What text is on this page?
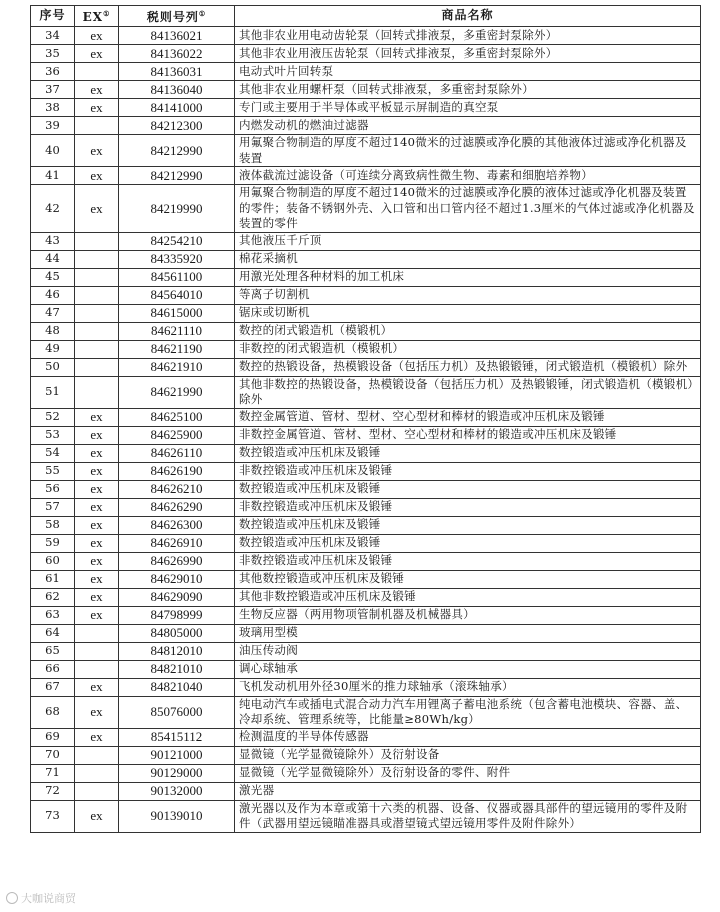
序号	EX①	税则号列①	商品名称
34	ex	84136021	其他非农业用电动齿轮泵（回转式排液泵，多重密封泵除外）
35	ex	84136022	其他非农业用液压齿轮泵（回转式排液泵，多重密封泵除外）
36		84136031	电动式叶片回转泵
37	ex	84136040	其他非农业用螺杆泵（回转式排液泵，多重密封泵除外）
38	ex	84141000	专门或主要用于半导体或平板显示屏制造的真空泵
39		84212300	内燃发动机的燃油过滤器
40	ex	84212990	用氟聚合物制造的厚度不超过140微米的过滤膜或净化膜的其他液体过滤或净化机器及装置
41	ex	84212990	液体截流过滤设备（可连续分离致病性微生物、毒素和细胞培养物）
42	ex	84219990	用氟聚合物制造的厚度不超过140微米的过滤膜或净化膜的液体过滤或净化机器及装置的零件；装备不锈钢外壳、入口管和出口管内径不超过1.3厘米的气体过滤或净化机器及装置的零件
43		84254210	其他液压千斤顶
44		84335920	棉花采摘机
45		84561100	用激光处理各种材料的加工机床
46		84564010	等离子切割机
47		84615000	锯床或切断机
48		84621110	数控的闭式锻造机（模锻机）
49		84621190	非数控的闭式锻造机（模锻机）
50		84621910	数控的热锻设备，热模锻设备（包括压力机）及热锻锻锤，闭式锻造机（模锻机）除外
51		84621990	其他非数控的热锻设备，热模锻设备（包括压力机）及热锻锻锤，闭式锻造机（模锻机）除外
52	ex	84625100	数控金属管道、管材、型材、空心型材和棒材的锻造或冲压机床及锻锤
53	ex	84625900	非数控金属管道、管材、型材、空心型材和棒材的锻造或冲压机床及锻锤
54	ex	84626110	数控锻造或冲压机床及锻锤
55	ex	84626190	非数控锻造或冲压机床及锻锤
56	ex	84626210	数控锻造或冲压机床及锻锤
57	ex	84626290	非数控锻造或冲压机床及锻锤
58	ex	84626300	数控锻造或冲压机床及锻锤
59	ex	84626910	数控锻造或冲压机床及锻锤
60	ex	84626990	非数控锻造或冲压机床及锻锤
61	ex	84629010	其他数控锻造或冲压机床及锻锤
62	ex	84629090	其他非数控锻造或冲压机床及锻锤
63	ex	84798999	生物反应器（两用物项管制机器及机械器具）
64		84805000	玻璃用型模
65		84812010	油压传动阀
66		84821010	调心球轴承
67	ex	84821040	飞机发动机用外径30厘米的推力球轴承（滚珠轴承）
68	ex	85076000	纯电动汽车或插电式混合动力汽车用锂离子蓄电池系统（包含蓄电池模块、容器、盖、冷却系统、管理系统等，比能量≥80Wh/kg）
69	ex	85415112	检测温度的半导体传感器
70		90121000	显微镜（光学显微镜除外）及衍射设备
71		90129000	显微镜（光学显微镜除外）及衍射设备的零件、附件
72		90132000	激光器
73	ex	90139010	激光器以及作为本章或第十六类的机器、设备、仪器或器具部件的望远镜用的零件及附件（武器用望远镜瞄准器具或潜望镜式望远镜用零件及附件除外）
大咖说商贸
